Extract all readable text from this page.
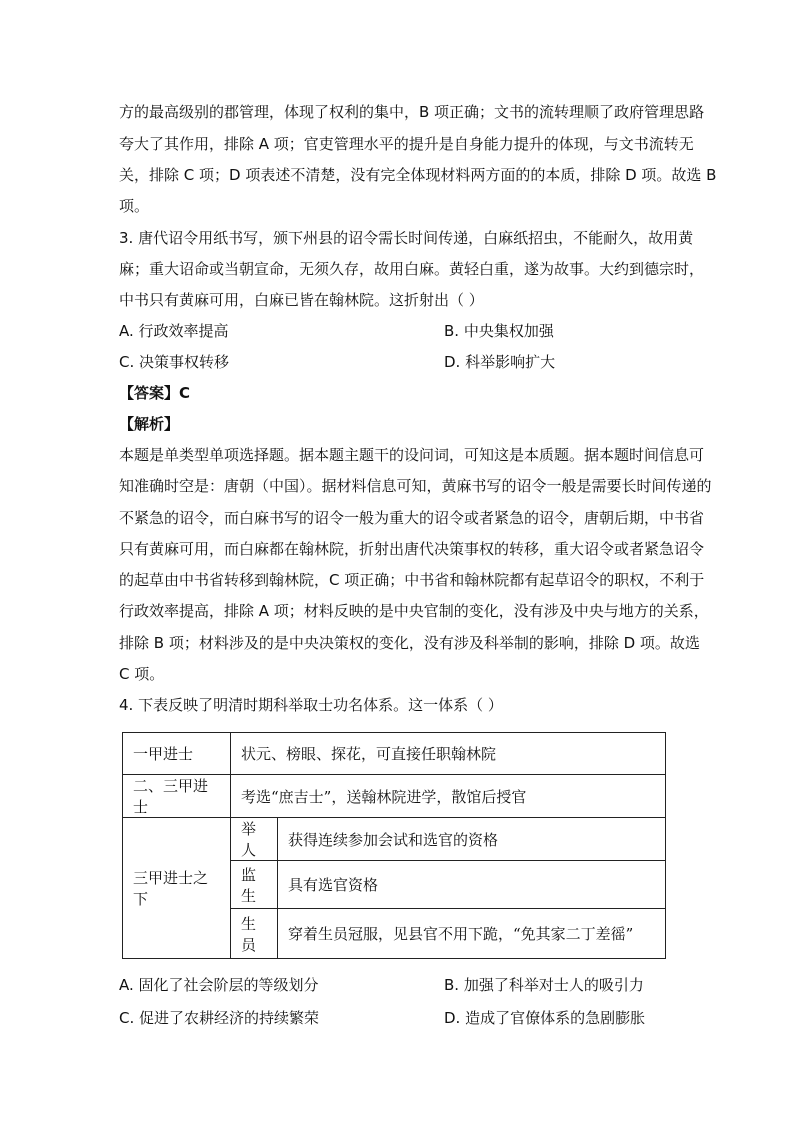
方的最高级别的郡管理，体现了权利的集中，B 项正确；文书的流转理顺了政府管理思路
夸大了其作用，排除 A 项；官吏管理水平的提升是自身能力提升的体现，与文书流转无
关，排除 C 项；D 项表述不清楚，没有完全体现材料两方面的的本质，排除 D 项。故选 B
项。
3. 唐代诏令用纸书写，颁下州县的诏令需长时间传递，白麻纸招虫，不能耐久，故用黄
麻；重大诏命或当朝宣命，无须久存，故用白麻。黄轻白重，遂为故事。大约到德宗时，
中书只有黄麻可用，白麻已皆在翰林院。这折射出（ ）
A. 行政效率提高	B. 中央集权加强
C. 决策事权转移	D. 科举影响扩大
【答案】C
【解析】
本题是单类型单项选择题。据本题主题干的设问词，可知这是本质题。据本题时间信息可
知准确时空是：唐朝（中国）。据材料信息可知，黄麻书写的诏令一般是需要长时间传递的
不紧急的诏令，而白麻书写的诏令一般为重大的诏令或者紧急的诏令，唐朝后期，中书省
只有黄麻可用，而白麻都在翰林院，折射出唐代决策事权的转移，重大诏令或者紧急诏令
的起草由中书省转移到翰林院，C 项正确；中书省和翰林院都有起草诏令的职权，不利于
行政效率提高，排除 A 项；材料反映的是中央官制的变化，没有涉及中央与地方的关系，
排除 B 项；材料涉及的是中央决策权的变化，没有涉及科举制的影响，排除 D 项。故选
C 项。
4. 下表反映了明清时期科举取士功名体系。这一体系（ ）
一甲进士	状元、榜眼、探花，可直接任职翰林院	
二、三甲进士	考选“庶吉士”，送翰林院进学，散馆后授官	
三甲进士之下	举人	获得连续参加会试和选官的资格
	监生	具有选官资格
	生员	穿着生员冠服，见县官不用下跪，“免其家二丁差徭”
A. 固化了社会阶层的等级划分	B. 加强了科举对士人的吸引力
C. 促进了农耕经济的持续繁荣	D. 造成了官僚体系的急剧膨胀
